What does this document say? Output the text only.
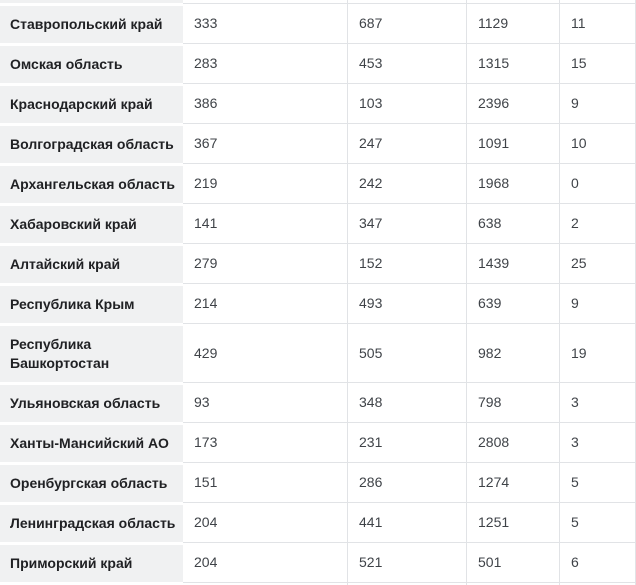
Ставропольский край	333	687	1129	11
Омская область	283	453	1315	15
Краснодарский край	386	103	2396	9
Волгоградская область	367	247	1091	10
Архангельская область	219	242	1968	0
Хабаровский край	141	347	638	2
Алтайский край	279	152	1439	25
Республика Крым	214	493	639	9
Республика Башкортостан	429	505	982	19
Ульяновская область	93	348	798	3
Ханты-Мансийский АО	173	231	2808	3
Оренбургская область	151	286	1274	5
Ленинградская область	204	441	1251	5
Приморский край	204	521	501	6
